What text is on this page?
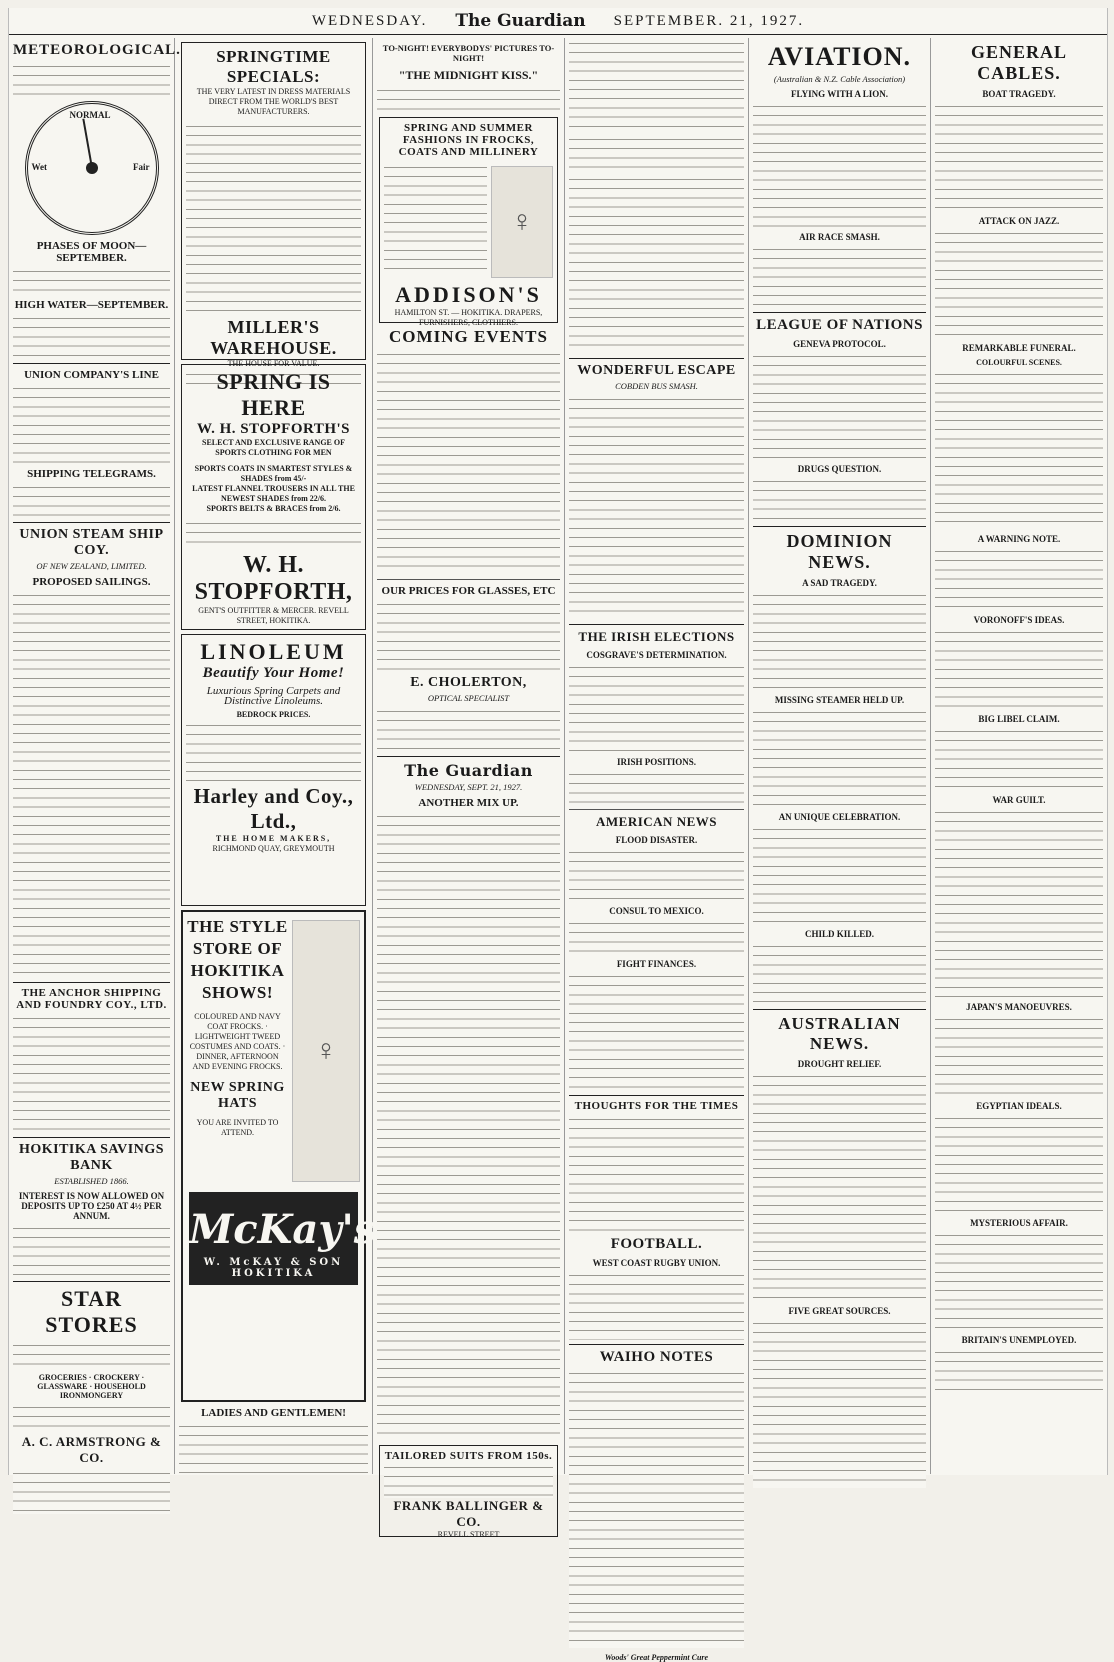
WEDNESDAY. The Guardian SEPTEMBER. 21, 1927.
METEOROLOGICAL.

NORMAL
Wet	Fair
PHASES OF MOON—SEPTEMBER.

HIGH WATER—SEPTEMBER.

UNION COMPANY'S LINE

SHIPPING TELEGRAMS.

UNION STEAM SHIP COY.
OF NEW ZEALAND, LIMITED.
PROPOSED SAILINGS.

THE ANCHOR SHIPPING AND FOUNDRY COY., LTD.

HOKITIKA SAVINGS BANK
ESTABLISHED 1866.
INTEREST IS NOW ALLOWED ON DEPOSITS UP TO £250 AT 4½ PER ANNUM.

STAR STORES

GROCERIES · CROCKERY · GLASSWARE · HOUSEHOLD IRONMONGERY

A. C. ARMSTRONG & CO.

SPRINGTIME SPECIALS:
THE VERY LATEST IN DRESS MATERIALS DIRECT FROM THE WORLD'S BEST MANUFACTURERS.

MILLER'S WAREHOUSE.
THE HOUSE FOR VALUE.

SPRING IS HERE
W. H. STOPFORTH'S
SELECT AND EXCLUSIVE RANGE OF SPORTS CLOTHING FOR MEN
SPORTS COATS IN SMARTEST STYLES & SHADES from 45/-
LATEST FLANNEL TROUSERS IN ALL THE NEWEST SHADES from 22/6.
SPORTS BELTS & BRACES from 2/6.

W. H. STOPFORTH,
GENT'S OUTFITTER & MERCER. REVELL STREET, HOKITIKA.
LINOLEUM
Beautify Your Home!
Luxurious Spring Carpets and Distinctive Linoleums.
BEDROCK PRICES.

Harley and Coy., Ltd.,
THE HOME MAKERS,
RICHMOND QUAY, GREYMOUTH
THE STYLE STORE OF HOKITIKA SHOWS!
COLOURED AND NAVY COAT FROCKS. · LIGHTWEIGHT TWEED COSTUMES AND COATS. · DINNER, AFTERNOON AND EVENING FROCKS.
NEW SPRING HATS
YOU ARE INVITED TO ATTEND.
♀
McKay's
W. McKAY & SON HOKITIKA
LADIES AND GENTLEMEN!

TO-NIGHT! EVERYBODYS' PICTURES TO-NIGHT!
"THE MIDNIGHT KISS."

SPRING AND SUMMER FASHIONS IN FROCKS, COATS AND MILLINERY

♀
ADDISON'S
HAMILTON ST. — HOKITIKA. DRAPERS, FURNISHERS, CLOTHIERS.
COMING EVENTS

OUR PRICES FOR GLASSES, ETC

E. CHOLERTON,
OPTICAL SPECIALIST

The Guardian
WEDNESDAY, SEPT. 21, 1927.
ANOTHER MIX UP.

TAILORED SUITS FROM 150s.

FRANK BALLINGER & CO.
REVELL STREET

WONDERFUL ESCAPE
COBDEN BUS SMASH.

THE IRISH ELECTIONS
COSGRAVE'S DETERMINATION.

IRISH POSITIONS.

AMERICAN NEWS
FLOOD DISASTER.

CONSUL TO MEXICO.

FIGHT FINANCES.

THOUGHTS FOR THE TIMES

FOOTBALL.
WEST COAST RUGBY UNION.

WAIHO NOTES

Woods' Great Peppermint Cure
AVIATION.
(Australian & N.Z. Cable Association)
FLYING WITH A LION.

AIR RACE SMASH.

LEAGUE OF NATIONS
GENEVA PROTOCOL.

DRUGS QUESTION.

DOMINION NEWS.
A SAD TRAGEDY.

MISSING STEAMER HELD UP.

AN UNIQUE CELEBRATION.

CHILD KILLED.

AUSTRALIAN NEWS.
DROUGHT RELIEF.

FIVE GREAT SOURCES.

GENERAL CABLES.
BOAT TRAGEDY.

ATTACK ON JAZZ.

REMARKABLE FUNERAL.
COLOURFUL SCENES.

A WARNING NOTE.

VORONOFF'S IDEAS.

BIG LIBEL CLAIM.

WAR GUILT.

JAPAN'S MANOEUVRES.

EGYPTIAN IDEALS.

MYSTERIOUS AFFAIR.

BRITAIN'S UNEMPLOYED.
